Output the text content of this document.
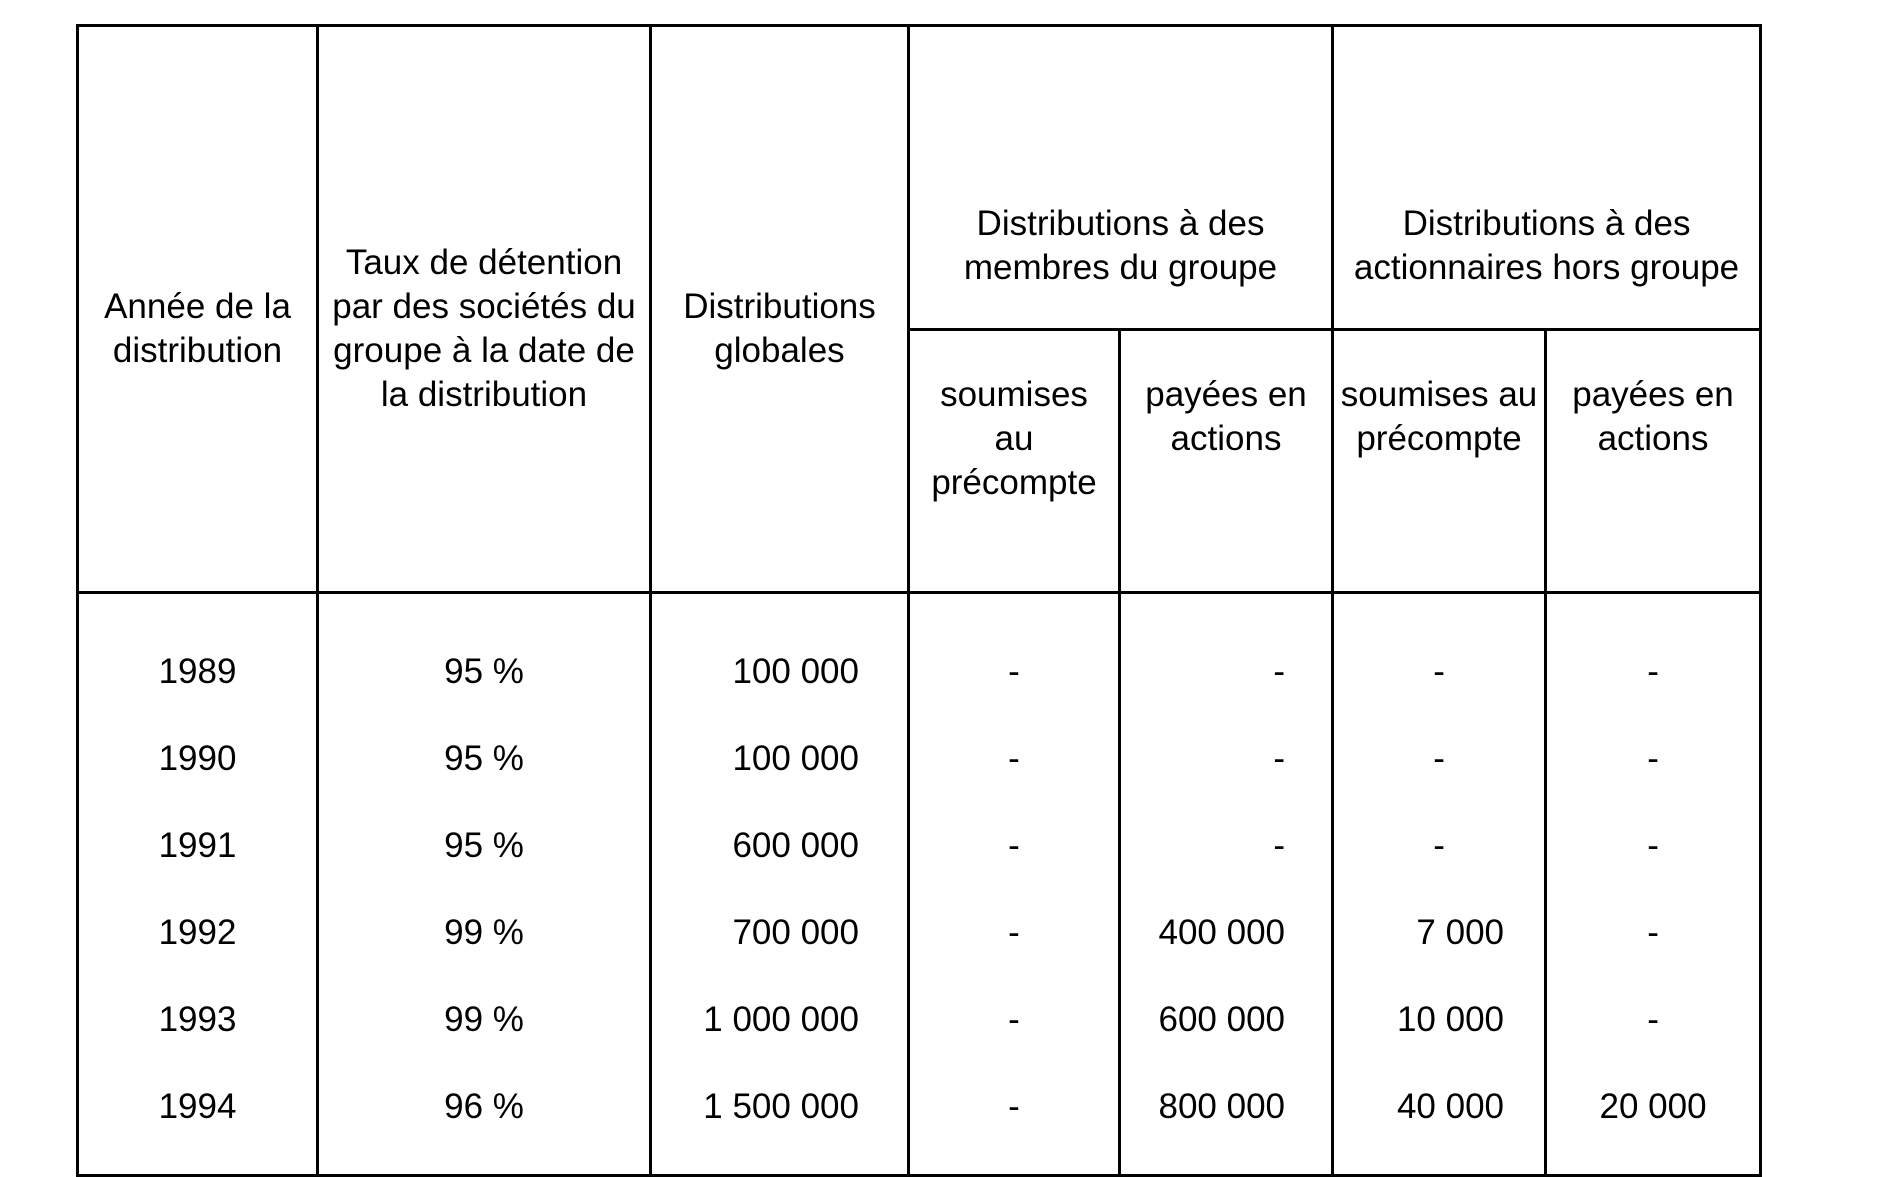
Année de la distribution	Taux de détention par des sociétés du groupe à la date de la distribution	Distributions globales	Distributions à des membres du groupe		Distributions à des actionnaires hors groupe	
			soumises au précompte	payées en actions	soumises au précompte	payées en actions
1989	95 %	100 000	-	-	-	-
1990	95 %	100 000	-	-	-	-
1991	95 %	600 000	-	-	-	-
1992	99 %	700 000	-	400 000	7 000	-
1993	99 %	1 000 000	-	600 000	10 000	-
1994	96 %	1 500 000	-	800 000	40 000	20 000
